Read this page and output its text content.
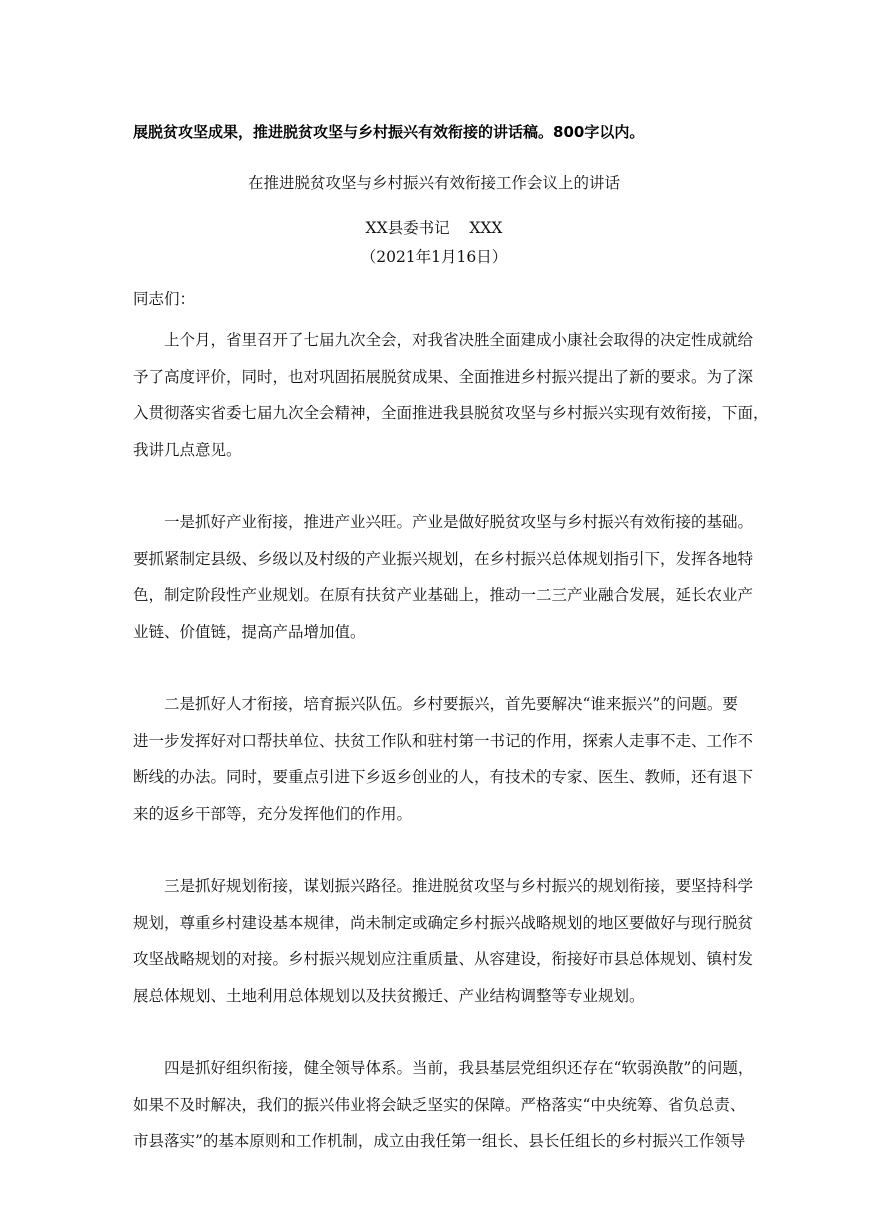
展脱贫攻坚成果，推进脱贫攻坚与乡村振兴有效衔接的讲话稿。800字以内。
在推进脱贫攻坚与乡村振兴有效衔接工作会议上的讲话
XX县委书记    XXX
（2021年1月16日）
同志们：
上个月，省里召开了七届九次全会，对我省决胜全面建成小康社会取得的决定性成就给
予了高度评价，同时，也对巩固拓展脱贫成果、全面推进乡村振兴提出了新的要求。为了深
入贯彻落实省委七届九次全会精神，全面推进我县脱贫攻坚与乡村振兴实现有效衔接，下面，
我讲几点意见。
一是抓好产业衔接，推进产业兴旺。产业是做好脱贫攻坚与乡村振兴有效衔接的基础。
要抓紧制定县级、乡级以及村级的产业振兴规划，在乡村振兴总体规划指引下，发挥各地特
色，制定阶段性产业规划。在原有扶贫产业基础上，推动一二三产业融合发展，延长农业产
业链、价值链，提高产品增加值。
二是抓好人才衔接，培育振兴队伍。乡村要振兴，首先要解决“谁来振兴”的问题。要
进一步发挥好对口帮扶单位、扶贫工作队和驻村第一书记的作用，探索人走事不走、工作不
断线的办法。同时，要重点引进下乡返乡创业的人，有技术的专家、医生、教师，还有退下
来的返乡干部等，充分发挥他们的作用。
三是抓好规划衔接，谋划振兴路径。推进脱贫攻坚与乡村振兴的规划衔接，要坚持科学
规划，尊重乡村建设基本规律，尚未制定或确定乡村振兴战略规划的地区要做好与现行脱贫
攻坚战略规划的对接。乡村振兴规划应注重质量、从容建设，衔接好市县总体规划、镇村发
展总体规划、土地利用总体规划以及扶贫搬迁、产业结构调整等专业规划。
四是抓好组织衔接，健全领导体系。当前，我县基层党组织还存在“软弱涣散”的问题，
如果不及时解决，我们的振兴伟业将会缺乏坚实的保障。严格落实“中央统筹、省负总责、
市县落实”的基本原则和工作机制，成立由我任第一组长、县长任组长的乡村振兴工作领导
